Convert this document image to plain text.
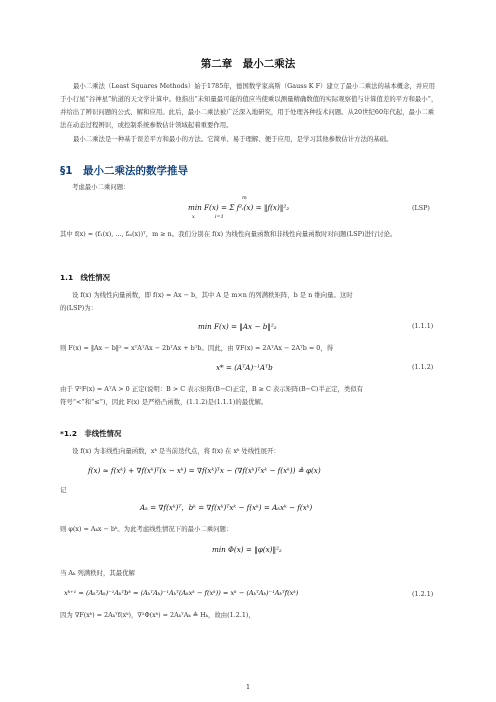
第二章　最小二乘法
最小二乘法（Least Squares Methods）始于1785年，德国数学家高斯（Gauss K F）建立了最小二乘法的基本概念，并应用于小行星“谷神星”轨道的天文学计算中。他指出“未知量最可能的值应当使乘以测量精确数值的实际观察值与计算值差的平方和最小”，并给出了辨识问题的公式、解和应用。此后，最小二乘法被广泛深入地研究，用于处理各种技术问题。从20世纪60年代起，最小二乘法在动态过程辨识，或控制系统参数估计领域起着重要作用。
最小二乘法是一种基于误差平方和最小的方法。它简单、易于理解、便于应用，是学习其他参数估计方法的基础。
§1　最小二乘法的数学推导
考虑最小二乘问题：
min F(x) = Σ f²ᵢ(x) = ‖f(x)‖²₂
x　　　　i=1
m
(LSP)
其中 f(x) = (f₁(x), …, fₘ(x))ᵀ，m ≥ n。我们分别在 f(x) 为线性向量函数和非线性向量函数时对问题(LSP)进行讨论。
1.1　线性情况
设 f(x) 为线性向量函数，即 f(x) = Ax − b，其中 A 是 m×n 的列满秩矩阵，b 是 n 维向量。这时
的(LSP)为：
min F(x) = ‖Ax − b‖²₂	(1.1.1)
则 F(x) = ‖Ax − b‖² = xᵀAᵀAx − 2bᵀAx + bᵀb。因此，由 ∇F(x) = 2AᵀAx − 2Aᵀb = 0，得
x* = (AᵀA)⁻¹Aᵀb	(1.1.2)
由于 ∇²F(x) = AᵀA > 0 正定(说明：B > C 表示矩阵(B−C)正定，B ≥ C 表示矩阵(B−C)半正定，类似有
符号“<”和“≤”)，因此 F(x) 是严格凸函数，(1.1.2)是(1.1.1)的最优解。
*1.2　非线性情况
设 f(x) 为非线性向量函数，xᵏ 是当前迭代点，将 f(x) 在 xᵏ 处线性展开：
f(x) ≈ f(xᵏ) + ∇f(xᵏ)ᵀ(x − xᵏ) = ∇f(xᵏ)ᵀx − (∇f(xᵏ)ᵀxᵏ − f(xᵏ)) ≜ φ(x)
记
Aₖ = ∇f(xᵏ)ᵀ，bᵏ = ∇f(xᵏ)ᵀxᵏ − f(xᵏ) = Aₖxᵏ − f(xᵏ)
则 φ(x) = Aₖx − bᵏ。为此考虑线性情况下的最小二乘问题：
min Φ(x) = ‖φ(x)‖²₂
当 Aₖ 列满秩时，其最优解
xᵏ⁺¹ = (AₖᵀAₖ)⁻¹Aₖᵀbᵏ = (AₖᵀAₖ)⁻¹Aₖᵀ(Aₖxᵏ − f(xᵏ)) = xᵏ − (AₖᵀAₖ)⁻¹Aₖᵀf(xᵏ)	(1.2.1)
因为 ∇F(xᵏ) = 2Aₖᵀf(xᵏ)，∇²Φ(xᵏ) = 2AₖᵀAₖ ≜ Hₖ，故由(1.2.1)，
1
